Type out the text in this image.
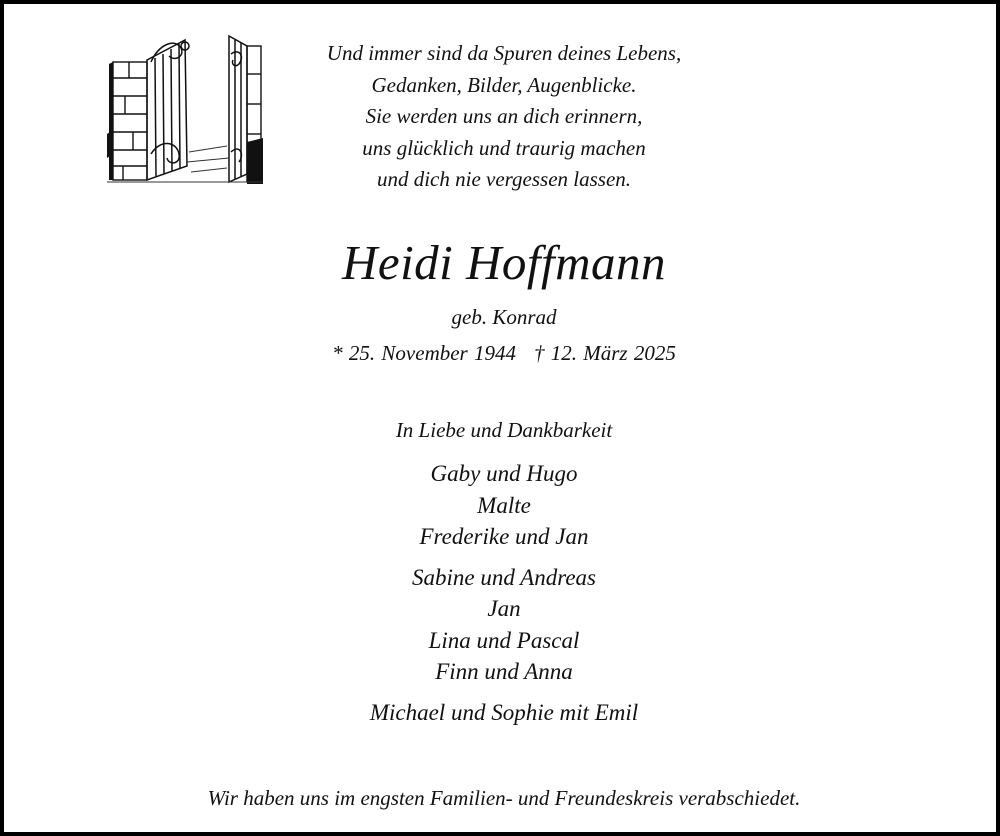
Und immer sind da Spuren deines Lebens,
Gedanken, Bilder, Augenblicke.
Sie werden uns an dich erinnern,
uns glücklich und traurig machen
und dich nie vergessen lassen.
Heidi Hoffmann
geb. Konrad
* 25. November 1944 † 12. März 2025
In Liebe und Dankbarkeit
Gaby und Hugo
Malte
Frederike und Jan
Sabine und Andreas
Jan
Lina und Pascal
Finn und Anna
Michael und Sophie mit Emil
Wir haben uns im engsten Familien- und Freundeskreis verabschiedet.
